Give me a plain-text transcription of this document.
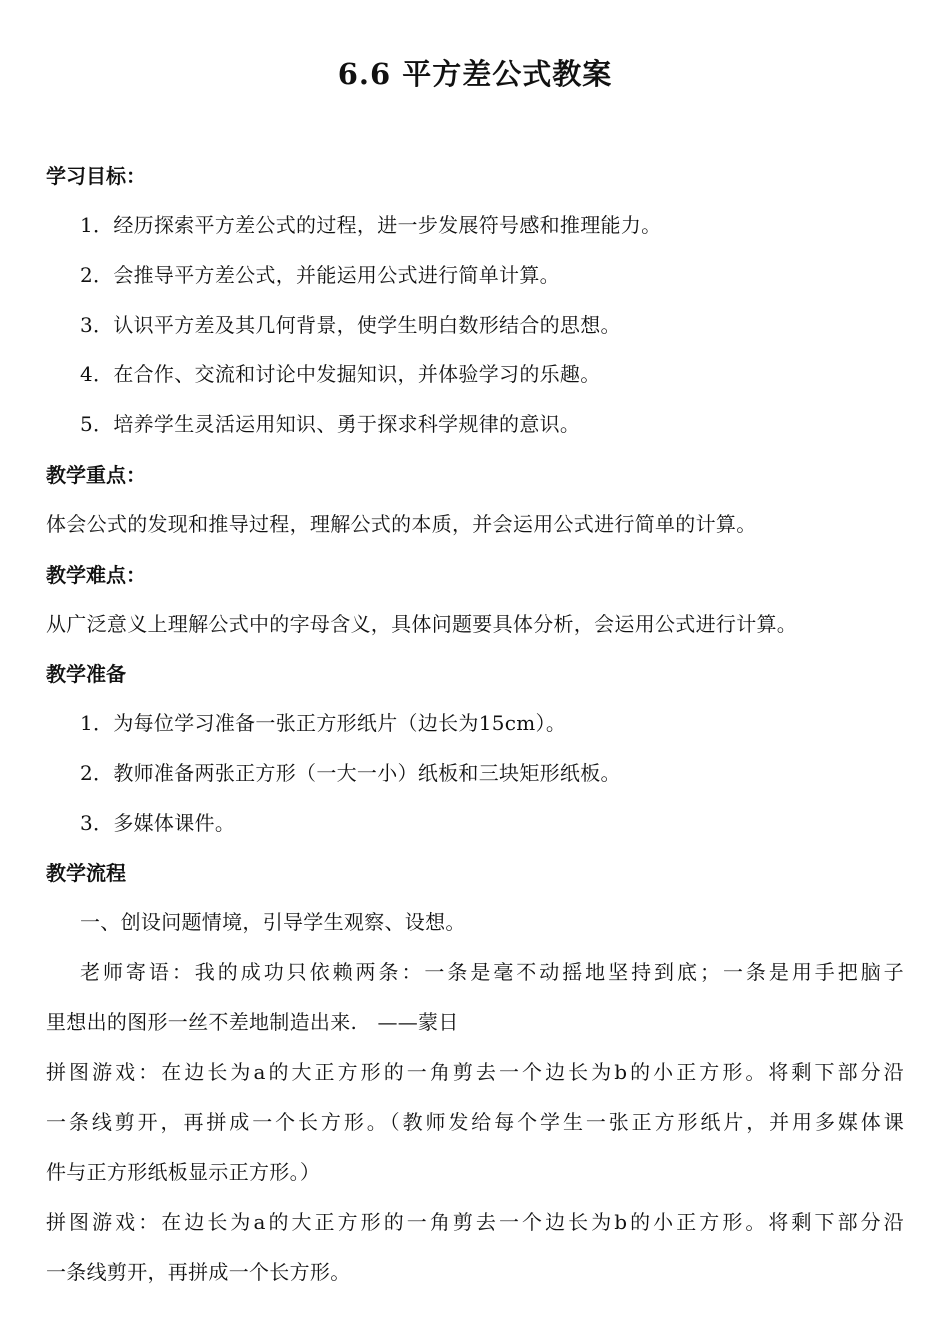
6.6 平方差公式教案
学习目标：
1．经历探索平方差公式的过程，进一步发展符号感和推理能力。
2．会推导平方差公式，并能运用公式进行简单计算。
3．认识平方差及其几何背景，使学生明白数形结合的思想。
4．在合作、交流和讨论中发掘知识，并体验学习的乐趣。
5．培养学生灵活运用知识、勇于探求科学规律的意识。
教学重点：
体会公式的发现和推导过程，理解公式的本质，并会运用公式进行简单的计算。
教学难点：
从广泛意义上理解公式中的字母含义，具体问题要具体分析，会运用公式进行计算。
教学准备
1．为每位学习准备一张正方形纸片（边长为15cm）。
2．教师准备两张正方形（一大一小）纸板和三块矩形纸板。
3．多媒体课件。
教学流程
一、创设问题情境，引导学生观察、设想。
老师寄语：我的成功只依赖两条：一条是毫不动摇地坚持到底；一条是用手把脑子
里想出的图形一丝不差地制造出来.　——蒙日
拼图游戏：在边长为a的大正方形的一角剪去一个边长为b的小正方形。将剩下部分沿
一条线剪开，再拼成一个长方形。（教师发给每个学生一张正方形纸片，并用多媒体课
件与正方形纸板显示正方形。）
拼图游戏：在边长为a的大正方形的一角剪去一个边长为b的小正方形。将剩下部分沿
一条线剪开，再拼成一个长方形。
